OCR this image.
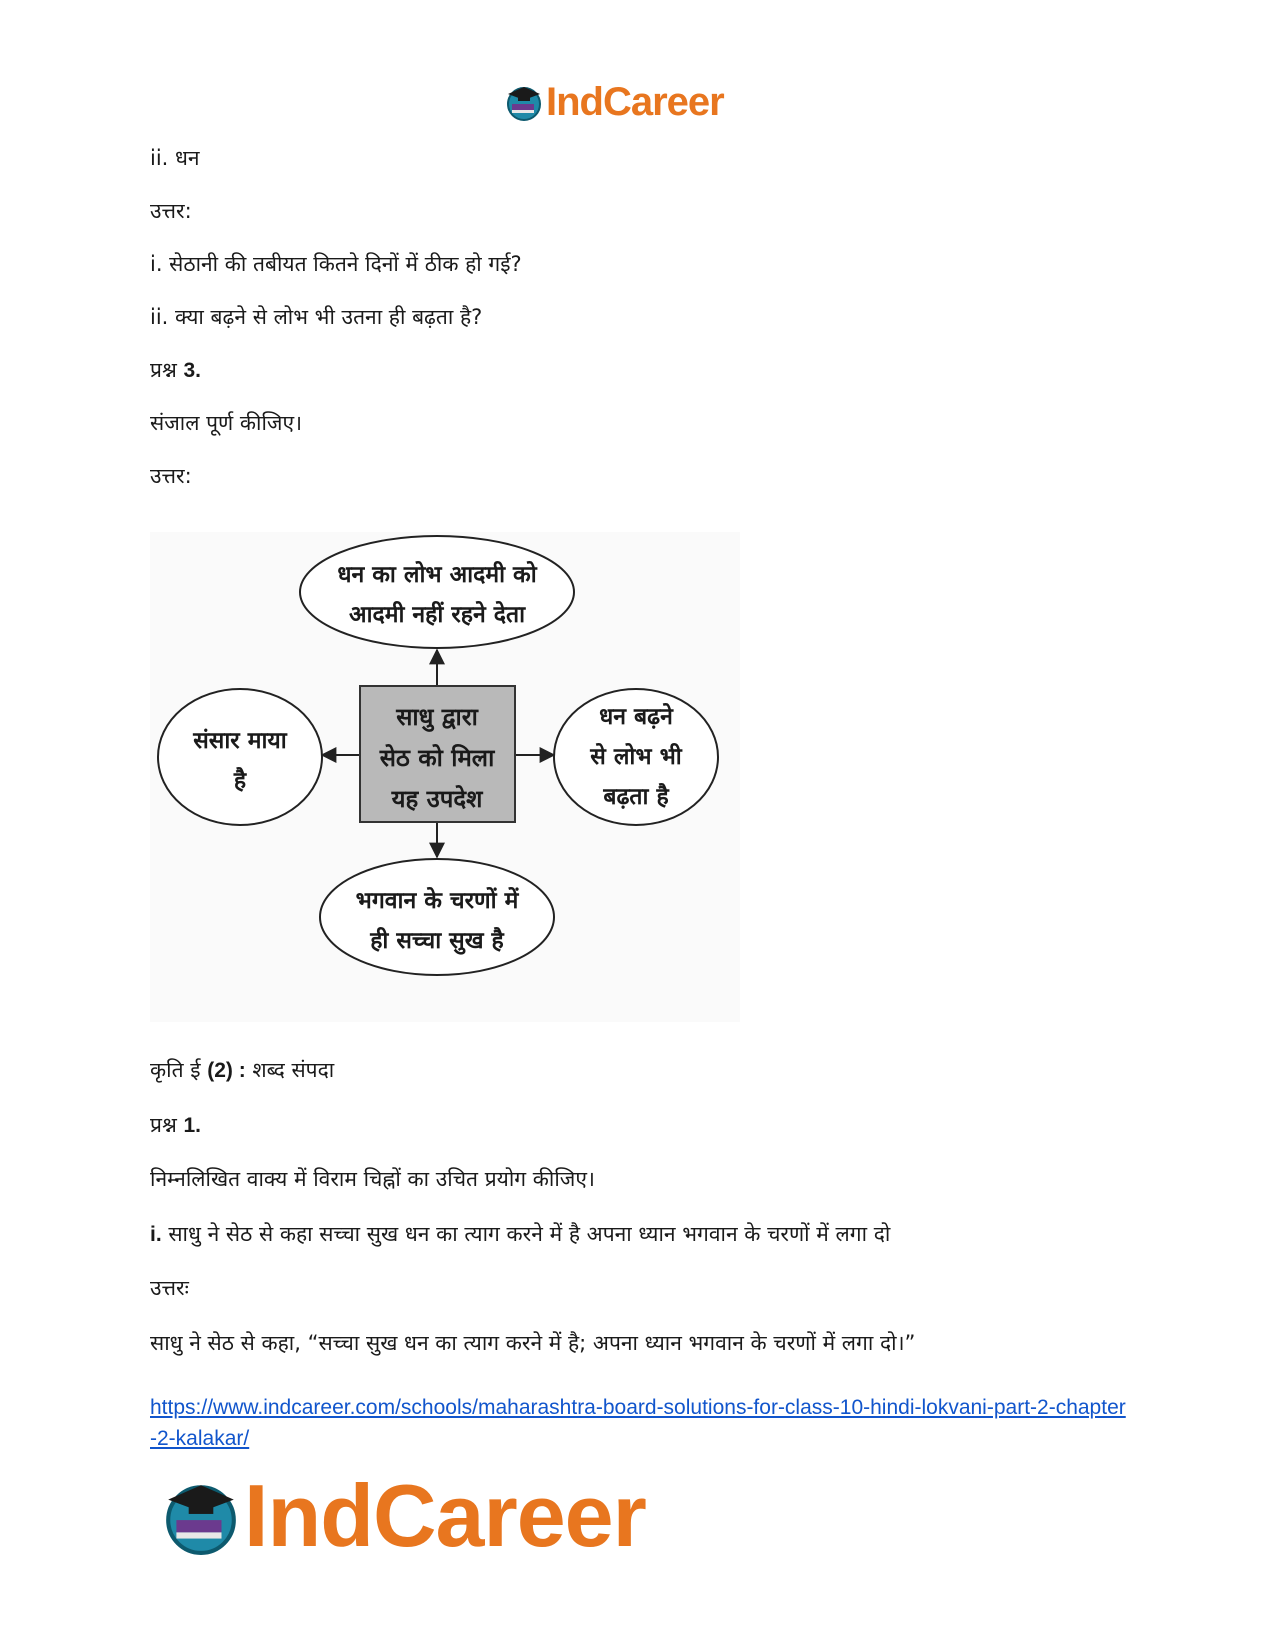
IndCareer

ii. धन

उत्तर:

i. सेठानी की तबीयत कितने दिनों में ठीक हो गई?

ii. क्या बढ़ने से लोभ भी उतना ही बढ़ता है?

प्रश्न 3.

संजाल पूर्ण कीजिए।

उत्तर:

साधु द्वारा
सेठ को मिला
यह उपदेश
धन का लोभ आदमी को
आदमी नहीं रहने देता
संसार माया
है
धन बढ़ने
से लोभ भी
बढ़ता है
भगवान के चरणों में
ही सच्चा सुख है

कृति ई (2) : शब्द संपदा

प्रश्न 1.

निम्नलिखित वाक्य में विराम चिह्नों का उचित प्रयोग कीजिए।

i. साधु ने सेठ से कहा सच्चा सुख धन का त्याग करने में है अपना ध्यान भगवान के चरणों में लगा दो

उत्तरः

साधु ने सेठ से कहा, “सच्चा सुख धन का त्याग करने में है; अपना ध्यान भगवान के चरणों में लगा दो।”

https://www.indcareer.com/schools/maharashtra-board-solutions-for-class-10-hindi-lokvani-part-2-chapter-2-kalakar/
IndCareer
